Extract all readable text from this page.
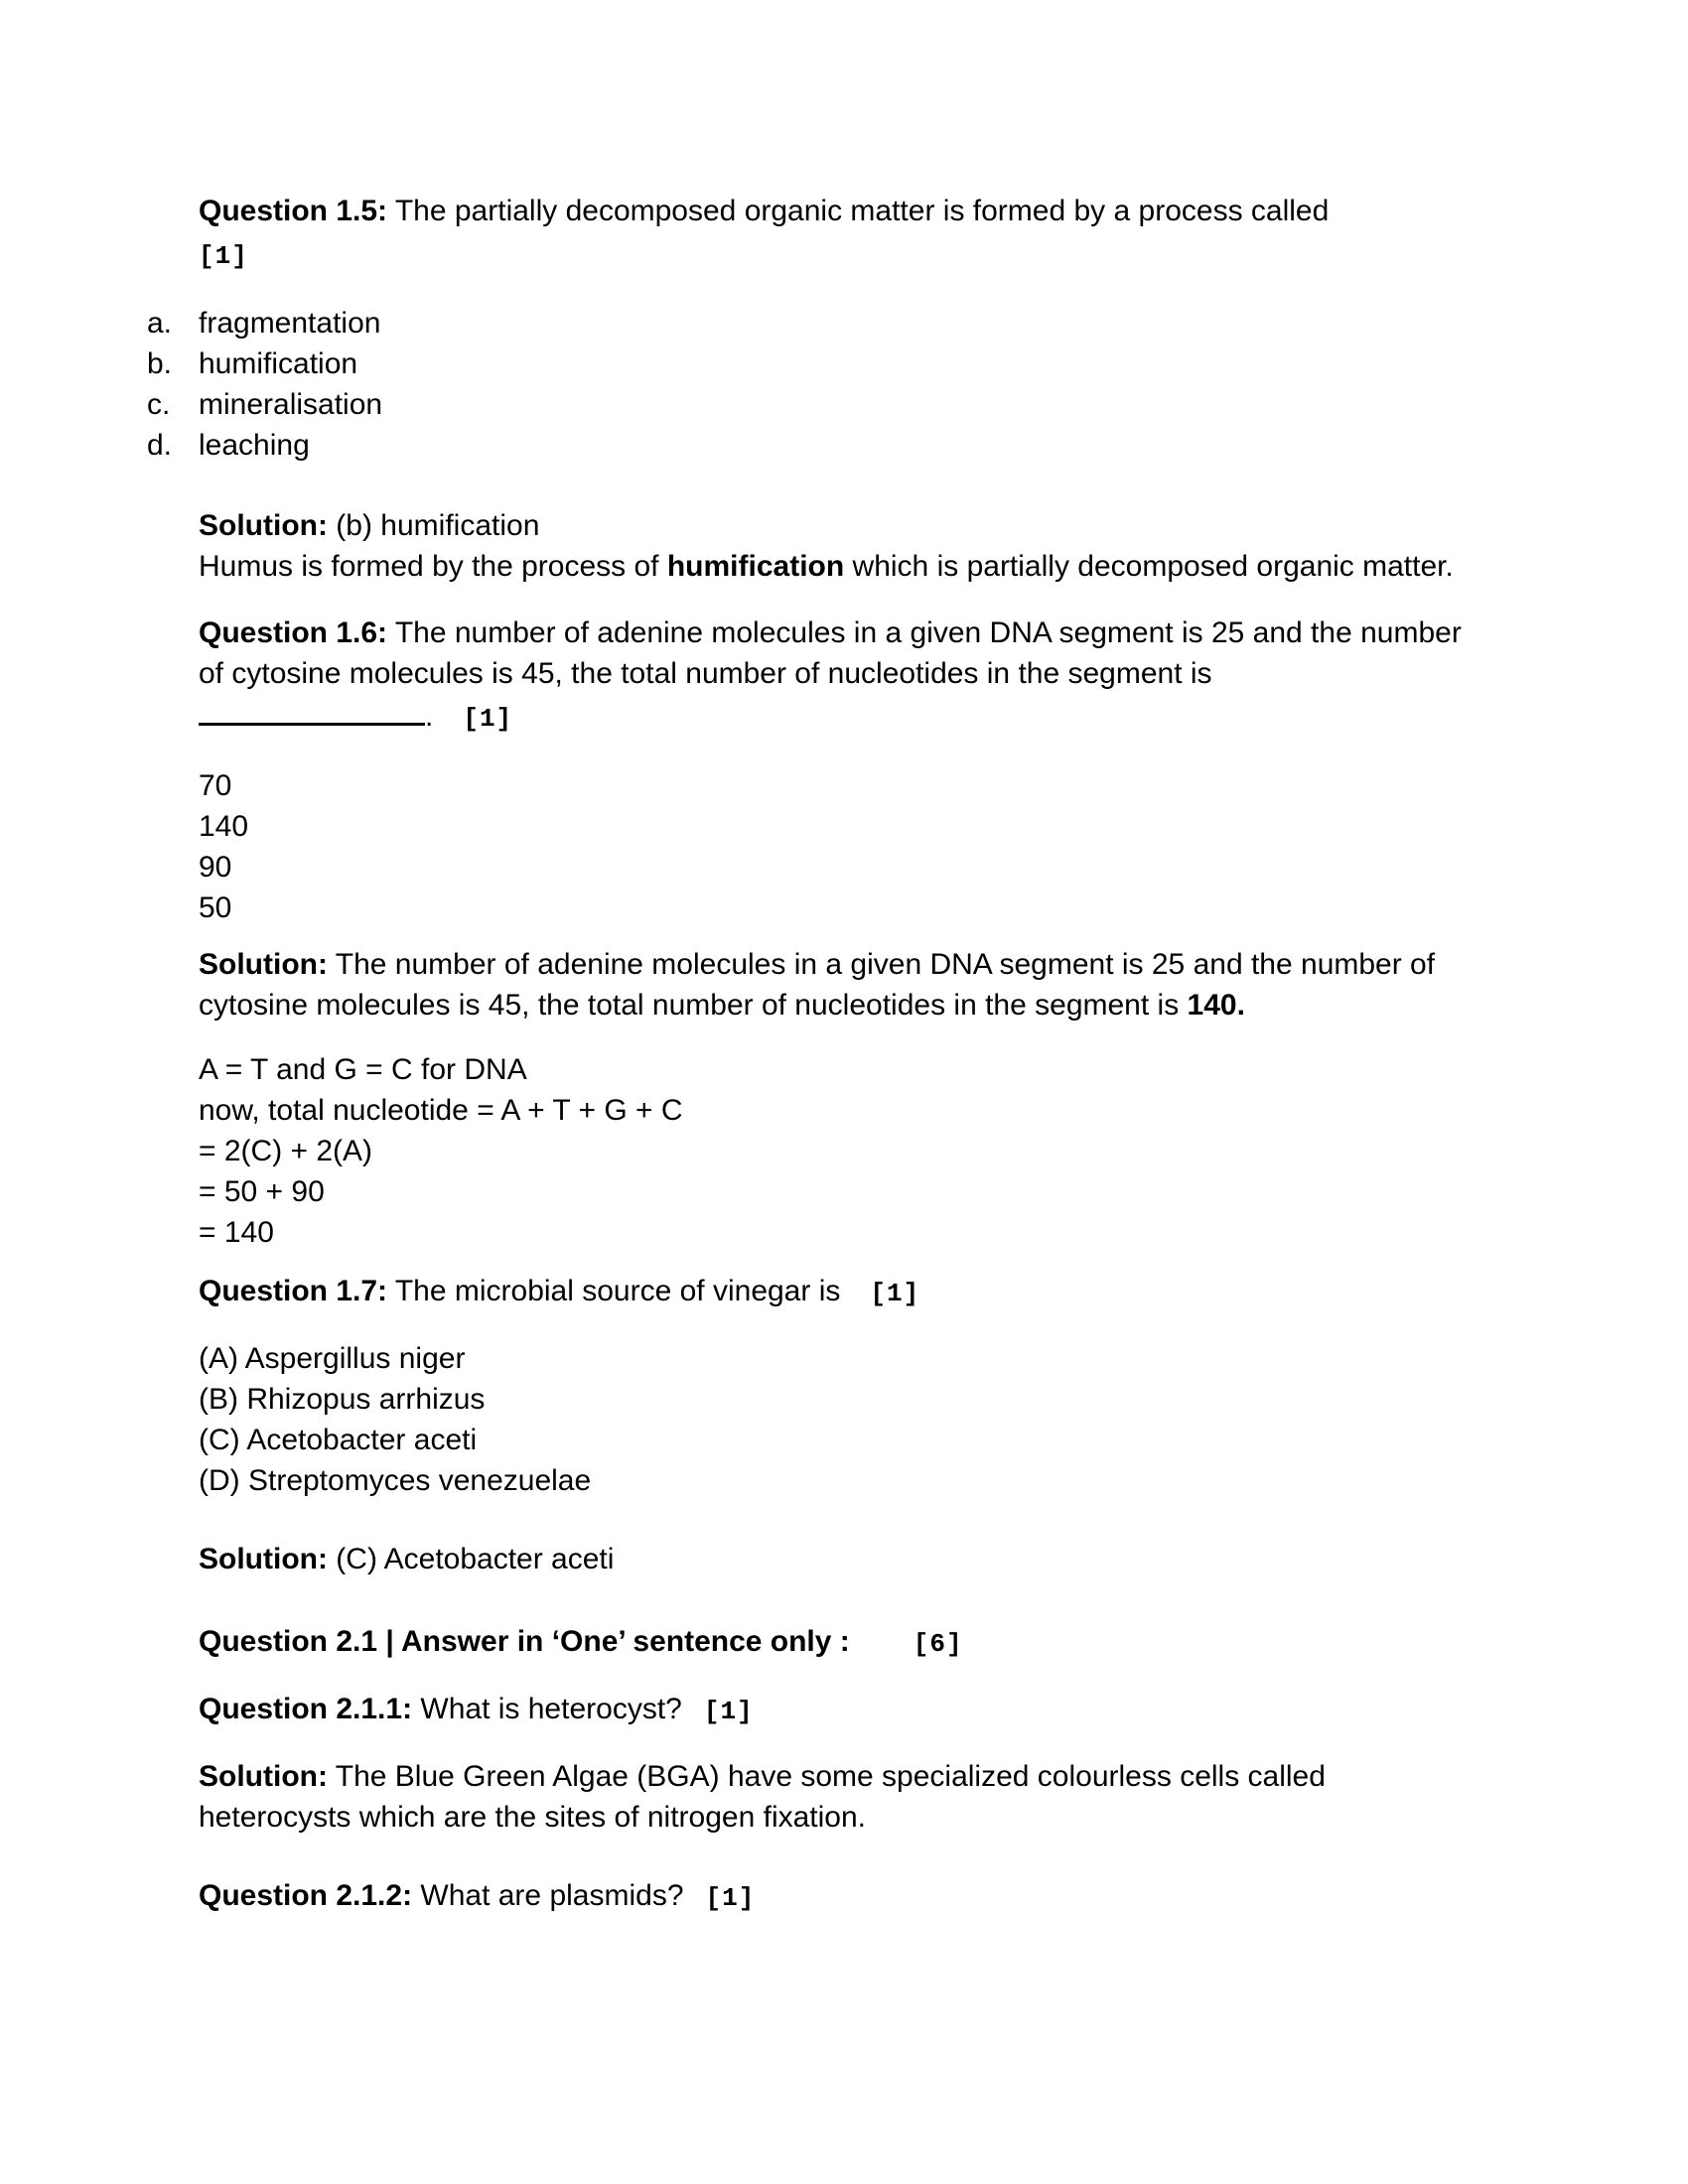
Question 1.5: The partially decomposed organic matter is formed by a process called

[1]
a. fragmentation
b. humification
c. mineralisation
d. leaching

Solution: (b) humification
Humus is formed by the process of humification which is partially decomposed organic matter.

Question 1.6: The number of adenine molecules in a given DNA segment is 25 and the number of cytosine molecules is 45, the total number of nucleotides in the segment is

. [1]
70
140
90
50

Solution: The number of adenine molecules in a given DNA segment is 25 and the number of cytosine molecules is 45, the total number of nucleotides in the segment is 140.

A = T and G = C for DNA
now, total nucleotide = A + T + G + C
= 2(C) + 2(A)
= 50 + 90
= 140

Question 1.7: The microbial source of vinegar is [1]

(A) Aspergillus niger
(B) Rhizopus arrhizus
(C) Acetobacter aceti
(D) Streptomyces venezuelae

Solution: (C) Acetobacter aceti

Question 2.1 | Answer in ‘One’ sentence only : [6]

Question 2.1.1: What is heterocyst? [1]

Solution: The Blue Green Algae (BGA) have some specialized colourless cells called heterocysts which are the sites of nitrogen fixation.

Question 2.1.2: What are plasmids? [1]
